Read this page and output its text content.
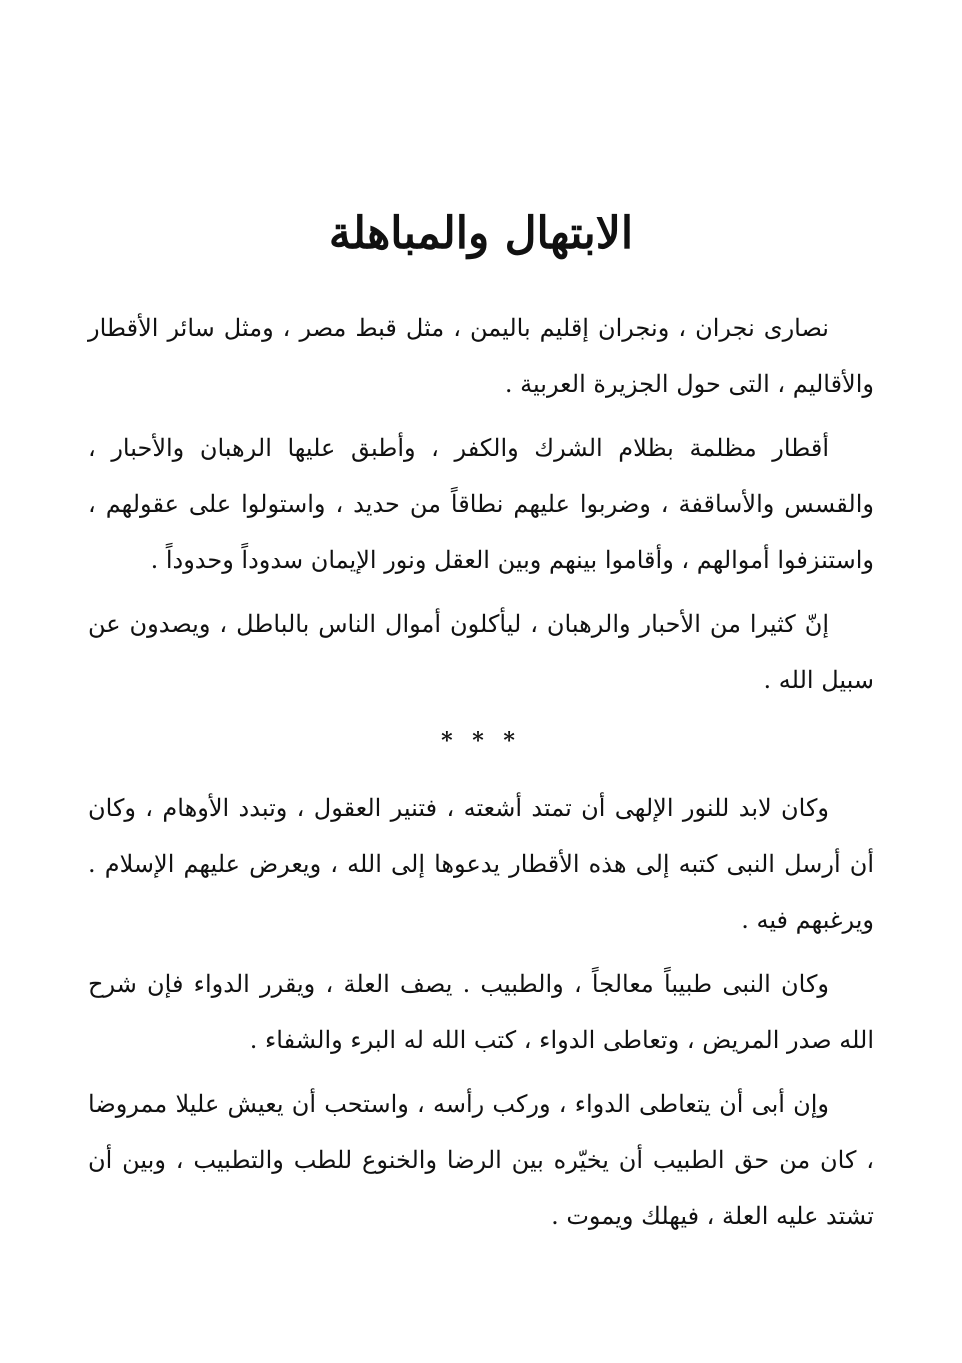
الابتهال والمباهلة

نصارى نجران ، ونجران إقليم باليمن ، مثل قبط مصر ، ومثل سائر الأقطار والأقاليم ، التى حول الجزيرة العربية .

أقطار مظلمة بظلام الشرك والكفر ، وأطبق عليها الرهبان والأحبار ، والقسس والأساقفة ، وضربوا عليهم نطاقاً من حديد ، واستولوا على عقولهم ، واستنزفوا أموالهم ، وأقاموا بينهم وبين العقل ونور الإيمان سدوداً وحدوداً .

إنّ كثيرا من الأحبار والرهبان ، ليأكلون أموال الناس بالباطل ، ويصدون عن سبيل الله .

* * *

وكان لابد للنور الإلهى أن تمتد أشعته ، فتنير العقول ، وتبدد الأوهام ، وكان أن أرسل النبى كتبه إلى هذه الأقطار يدعوها إلى الله ، ويعرض عليهم الإسلام . ويرغبهم فيه .

وكان النبى طبيباً معالجاً ، والطبيب . يصف العلة ، ويقرر الدواء فإن شرح الله صدر المريض ، وتعاطى الدواء ، كتب الله له البرء والشفاء .

وإن أبى أن يتعاطى الدواء ، وركب رأسه ، واستحب أن يعيش عليلا ممروضا ، كان من حق الطبيب أن يخيّره بين الرضا والخنوع للطب والتطبيب ، وبين أن تشتد عليه العلة ، فيهلك ويموت .
